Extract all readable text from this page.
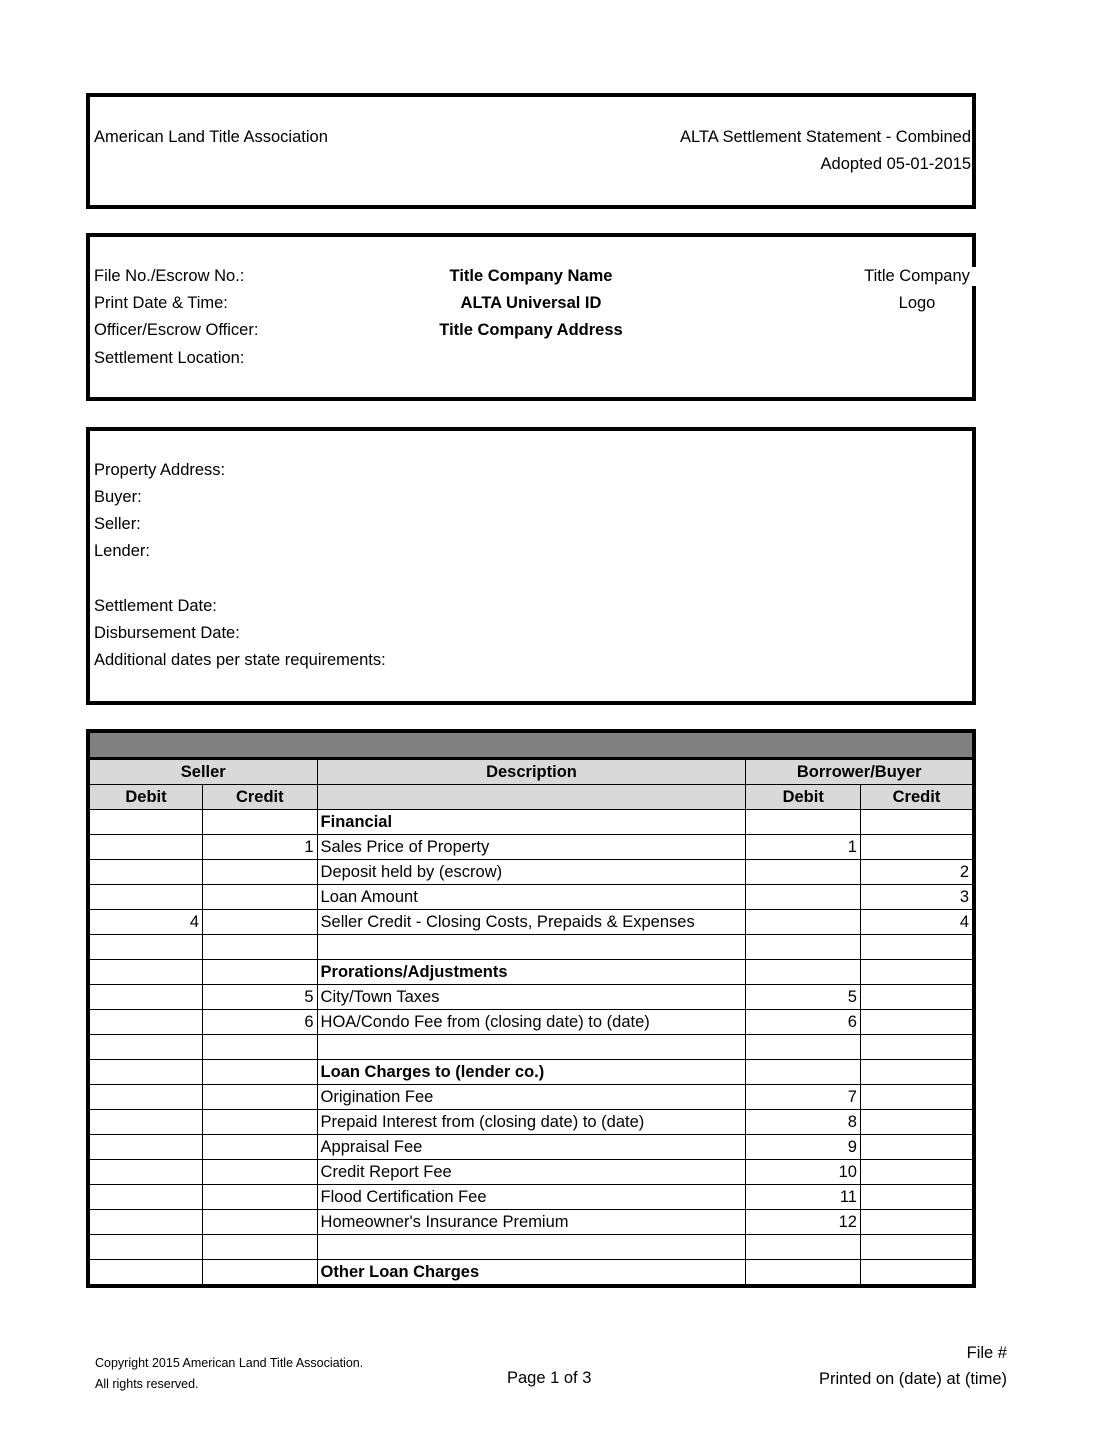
American Land Title Association	ALTA Settlement Statement - Combined
Adopted 05-01-2015
File No./Escrow No.:
Print Date & Time:
Officer/Escrow Officer:
Settlement Location:
Title Company Name
ALTA Universal ID
Title Company Address
Title Company
Logo
Property Address:
Buyer:
Seller:
Lender:
Settlement Date:
Disbursement Date:
Additional dates per state requirements:

Seller		Description	Borrower/Buyer	
Debit	Credit		Debit	Credit
		Financial		
	1	Sales Price of Property	1	
		Deposit held by (escrow)		2
		Loan Amount		3
4		Seller Credit - Closing Costs, Prepaids & Expenses		4

		Prorations/Adjustments		
	5	City/Town Taxes	5	
	6	HOA/Condo Fee from (closing date) to (date)	6	

		Loan Charges to (lender co.)		
		Origination Fee	7	
		Prepaid Interest from (closing date) to (date)	8	
		Appraisal Fee	9	
		Credit Report Fee	10	
		Flood Certification Fee	11	
		Homeowner's Insurance Premium	12	

		Other Loan Charges		
Copyright 2015 American Land Title Association.
All rights reserved.	Page 1 of 3
File #
Printed on (date) at (time)
